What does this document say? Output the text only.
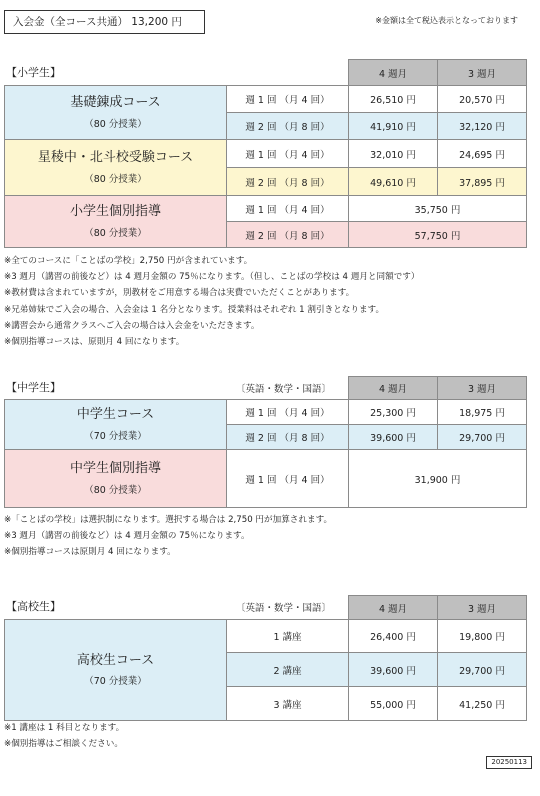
入会金（全コース共通） 13,200 円	※金額は全て税込表示となっております
【小学生】
			4 週月	3 週月

基礎錬成コース
（80 分授業）	週 1 回 （月 4 回）	26,510 円	20,570 円
	週 2 回 （月 8 回）	41,910 円	32,120 円

星稜中・北斗校受験コース
（80 分授業）	週 1 回 （月 4 回）	32,010 円	24,695 円
	週 2 回 （月 8 回）	49,610 円	37,895 円

小学生個別指導
（80 分授業）	週 1 回 （月 4 回）	35,750 円	
	週 2 回 （月 8 回）	57,750 円	
※全てのコースに「ことばの学校」2,750 円が含まれています。
※3 週月（講習の前後など）は 4 週月金額の 75％になります。（但し、ことばの学校は 4 週月と同額です）
※教材費は含まれていますが，別教材をご用意する場合は実費でいただくことがあります。
※兄弟姉妹でご入会の場合、入会金は 1 名分となります。授業料はそれぞれ 1 割引きとなります。
※講習会から通常クラスへご入会の場合は入会金をいただきます。
※個別指導コースは、原則月 4 回になります。
【中学生】	〔英語・数学・国語〕
			4 週月	3 週月

中学生コース
（70 分授業）	週 1 回 （月 4 回）	25,300 円	18,975 円
	週 2 回 （月 8 回）	39,600 円	29,700 円

中学生個別指導
（80 分授業）	週 1 回 （月 4 回）	31,900 円	
※「ことばの学校」は選択制になります。選択する場合は 2,750 円が加算されます。
※3 週月（講習の前後など）は 4 週月金額の 75％になります。
※個別指導コースは原則月 4 回になります。
【高校生】	〔英語・数学・国語〕
			4 週月	3 週月

高校生コース
（70 分授業）	1 講座	26,400 円	19,800 円
	2 講座	39,600 円	29,700 円
	3 講座	55,000 円	41,250 円
※1 講座は 1 科目となります。
※個別指導はご相談ください。
20250113
